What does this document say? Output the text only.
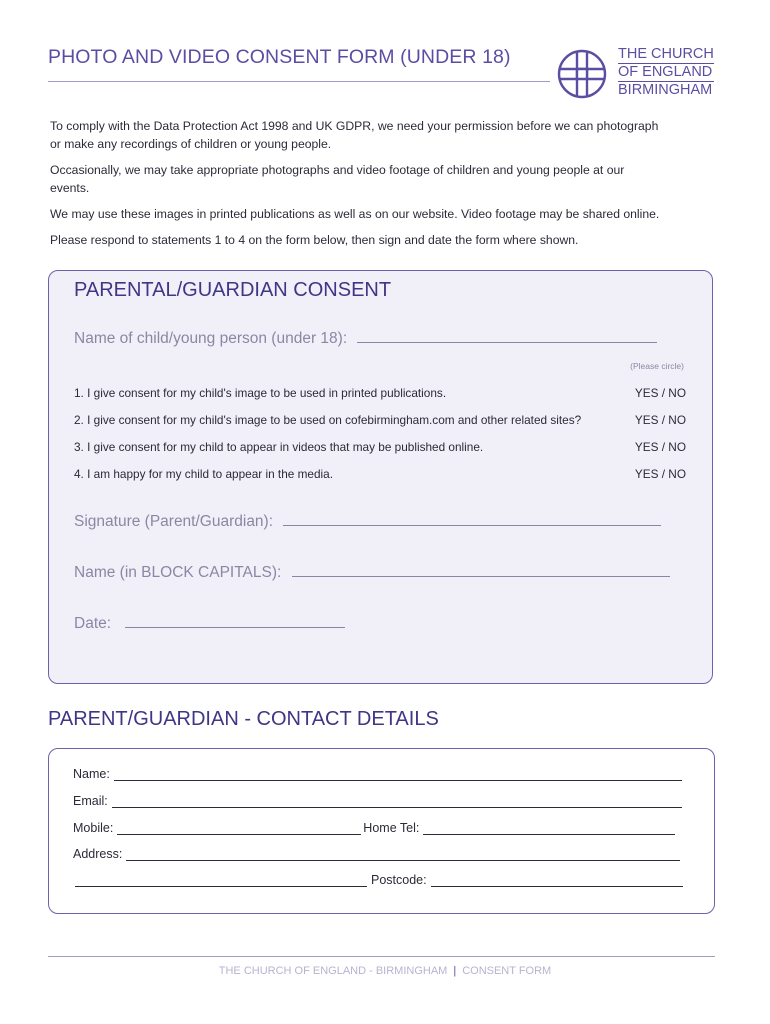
PHOTO AND VIDEO CONSENT FORM (UNDER 18)	THE CHURCH
OF ENGLAND
BIRMINGHAM

To comply with the Data Protection Act 1998 and UK GDPR, we need your permission before we can photograph or make any recordings of children or young people.

Occasionally, we may take appropriate photographs and video footage of children and young people at our events.

We may use these images in printed publications as well as on our website. Video footage may be shared online.

Please respond to statements 1 to 4 on the form below, then sign and date the form where shown.

PARENTAL/GUARDIAN CONSENT
Name of child/young person (under 18):
(Please circle)
1. I give consent for my child's image to be used in printed publications.	YES / NO
2. I give consent for my child's image to be used on cofebirmingham.com and other related sites?	YES / NO
3. I give consent for my child to appear in videos that may be published online.	YES / NO
4. I am happy for my child to appear in the media.	YES / NO
Signature (Parent/Guardian):
Name (in BLOCK CAPITALS):
Date:
PARENT/GUARDIAN - CONTACT DETAILS
Name:
Email:
Mobile:	Home Tel:
Address:
Postcode:
THE CHURCH OF ENGLAND - BIRMINGHAM | CONSENT FORM
